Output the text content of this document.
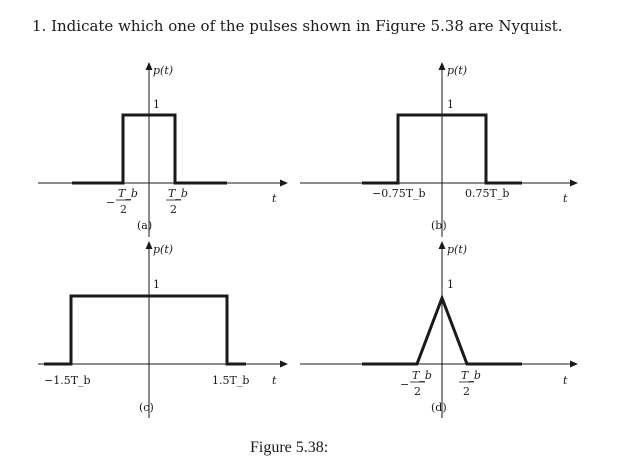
1. Indicate which one of the pulses shown in Figure 5.38 are Nyquist.
p(t)
1
t
−
T_b
2
T_b
2
(a)
p(t)
1
t
−0.75T_b	0.75T_b
(b)
p(t)
1
t
−1.5T_b	1.5T_b
(c)
p(t)
1
t
−
T_b
2
T_b
2
(d)
Figure 5.38:
